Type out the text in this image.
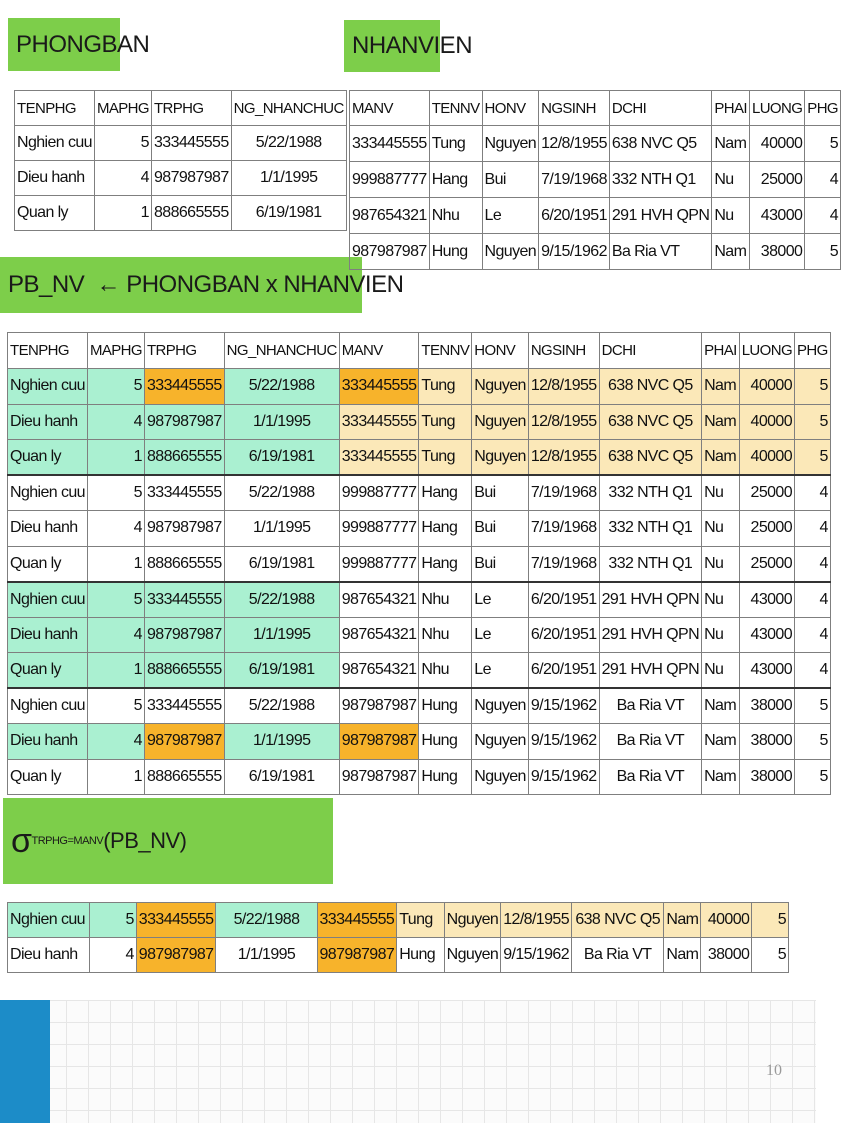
PHONGBAN	NHANVIEN
PB_NV  ← PHONGBAN x NHANVIEN
σ TRPHG=MANV (PB_NV)
TENPHG	MAPHG	TRPHG	NG_NHANCHUC
Nghien cuu	5	333445555	5/22/1988
Dieu hanh	4	987987987	1/1/1995
Quan ly	1	888665555	6/19/1981
MANV	TENNV	HONV	NGSINH	DCHI	PHAI	LUONG	PHG
333445555	Tung	Nguyen	12/8/1955	638 NVC Q5	Nam	40000	5
999887777	Hang	Bui	7/19/1968	332 NTH Q1	Nu	25000	4
987654321	Nhu	Le	6/20/1951	291 HVH QPN	Nu	43000	4
987987987	Hung	Nguyen	9/15/1962	Ba Ria VT	Nam	38000	5
TENPHG	MAPHG	TRPHG	NG_NHANCHUC	MANV	TENNV	HONV	NGSINH	DCHI	PHAI	LUONG	PHG
Nghien cuu	5	333445555	5/22/1988	333445555	Tung	Nguyen	12/8/1955	638 NVC Q5	Nam	40000	5
Dieu hanh	4	987987987	1/1/1995	333445555	Tung	Nguyen	12/8/1955	638 NVC Q5	Nam	40000	5
Quan ly	1	888665555	6/19/1981	333445555	Tung	Nguyen	12/8/1955	638 NVC Q5	Nam	40000	5
Nghien cuu	5	333445555	5/22/1988	999887777	Hang	Bui	7/19/1968	332 NTH Q1	Nu	25000	4
Dieu hanh	4	987987987	1/1/1995	999887777	Hang	Bui	7/19/1968	332 NTH Q1	Nu	25000	4
Quan ly	1	888665555	6/19/1981	999887777	Hang	Bui	7/19/1968	332 NTH Q1	Nu	25000	4
Nghien cuu	5	333445555	5/22/1988	987654321	Nhu	Le	6/20/1951	291 HVH QPN	Nu	43000	4
Dieu hanh	4	987987987	1/1/1995	987654321	Nhu	Le	6/20/1951	291 HVH QPN	Nu	43000	4
Quan ly	1	888665555	6/19/1981	987654321	Nhu	Le	6/20/1951	291 HVH QPN	Nu	43000	4
Nghien cuu	5	333445555	5/22/1988	987987987	Hung	Nguyen	9/15/1962	Ba Ria VT	Nam	38000	5
Dieu hanh	4	987987987	1/1/1995	987987987	Hung	Nguyen	9/15/1962	Ba Ria VT	Nam	38000	5
Quan ly	1	888665555	6/19/1981	987987987	Hung	Nguyen	9/15/1962	Ba Ria VT	Nam	38000	5
Nghien cuu	5	333445555	5/22/1988	333445555	Tung	Nguyen	12/8/1955	638 NVC Q5	Nam	40000	5
Dieu hanh	4	987987987	1/1/1995	987987987	Hung	Nguyen	9/15/1962	Ba Ria VT	Nam	38000	5
10
